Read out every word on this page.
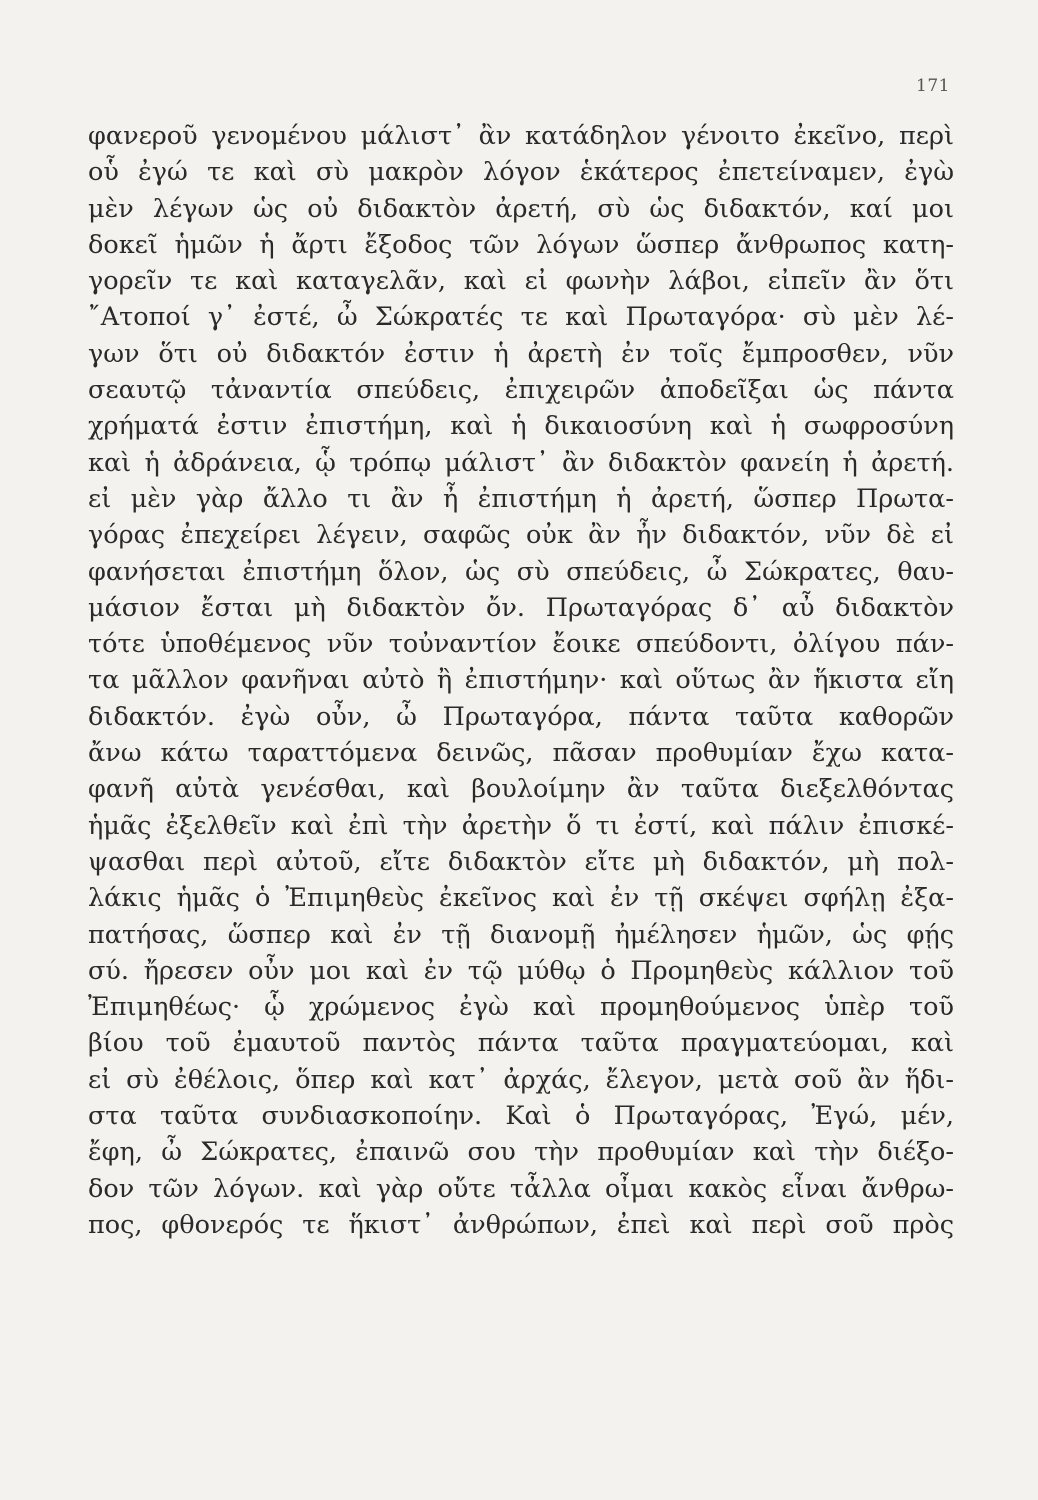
171
φανεροῦ γενομένου μάλιστ᾽ ἂν κατάδηλον γένοιτο ἐκεῖνο, περὶ
οὗ ἐγώ τε καὶ σὺ μακρὸν λόγον ἑκάτερος ἐπετείναμεν, ἐγὼ
μὲν λέγων ὡς οὐ διδακτὸν ἀρετή, σὺ ὡς διδακτόν, καί μοι
δοκεῖ ἡμῶν ἡ ἄρτι ἔξοδος τῶν λόγων ὥσπερ ἄνθρωπος κατη-
γορεῖν τε καὶ καταγελᾶν, καὶ εἰ φωνὴν λάβοι, εἰπεῖν ἂν ὅτι
῎Ατοποί γ᾽ ἐστέ, ὦ Σώκρατές τε καὶ Πρωταγόρα· σὺ μὲν λέ-
γων ὅτι οὐ διδακτόν ἐστιν ἡ ἀρετὴ ἐν τοῖς ἔμπροσθεν, νῦν
σεαυτῷ τἀναντία σπεύδεις, ἐπιχειρῶν ἀποδεῖξαι ὡς πάντα
χρήματά ἐστιν ἐπιστήμη, καὶ ἡ δικαιοσύνη καὶ ἡ σωφροσύνη
καὶ ἡ ἀδράνεια, ᾧ τρόπῳ μάλιστ᾽ ἂν διδακτὸν φανείη ἡ ἀρετή.
εἰ μὲν γὰρ ἄλλο τι ἂν ἦ ἐπιστήμη ἡ ἀρετή, ὥσπερ Πρωτα-
γόρας ἐπεχείρει λέγειν, σαφῶς οὐκ ἂν ἦν διδακτόν, νῦν δὲ εἰ
φανήσεται ἐπιστήμη ὅλον, ὡς σὺ σπεύδεις, ὦ Σώκρατες, θαυ-
μάσιον ἔσται μὴ διδακτὸν ὄν. Πρωταγόρας δ᾽ αὖ διδακτὸν
τότε ὑποθέμενος νῦν τοὐναντίον ἔοικε σπεύδοντι, ὀλίγου πάν-
τα μᾶλλον φανῆναι αὐτὸ ἢ ἐπιστήμην· καὶ οὕτως ἂν ἥκιστα εἴη
διδακτόν. ἐγὼ οὖν, ὦ Πρωταγόρα, πάντα ταῦτα καθορῶν
ἄνω κάτω ταραττόμενα δεινῶς, πᾶσαν προθυμίαν ἔχω κατα-
φανῆ αὐτὰ γενέσθαι, καὶ βουλοίμην ἂν ταῦτα διεξελθόντας
ἡμᾶς ἐξελθεῖν καὶ ἐπὶ τὴν ἀρετὴν ὅ τι ἐστί, καὶ πάλιν ἐπισκέ-
ψασθαι περὶ αὐτοῦ, εἴτε διδακτὸν εἴτε μὴ διδακτόν, μὴ πολ-
λάκις ἡμᾶς ὁ Ἐπιμηθεὺς ἐκεῖνος καὶ ἐν τῇ σκέψει σφήλῃ ἐξα-
πατήσας, ὥσπερ καὶ ἐν τῇ διανομῇ ἠμέλησεν ἡμῶν, ὡς φῄς
σύ. ἤρεσεν οὖν μοι καὶ ἐν τῷ μύθῳ ὁ Προμηθεὺς κάλλιον τοῦ
Ἐπιμηθέως· ᾧ χρώμενος ἐγὼ καὶ προμηθούμενος ὑπὲρ τοῦ
βίου τοῦ ἐμαυτοῦ παντὸς πάντα ταῦτα πραγματεύομαι, καὶ
εἰ σὺ ἐθέλοις, ὅπερ καὶ κατ᾽ ἀρχάς, ἔλεγον, μετὰ σοῦ ἂν ἥδι-
στα ταῦτα συνδιασκοποίην. Καὶ ὁ Πρωταγόρας, Ἐγώ, μέν,
ἔφη, ὦ Σώκρατες, ἐπαινῶ σου τὴν προθυμίαν καὶ τὴν διέξο-
δον τῶν λόγων. καὶ γὰρ οὔτε τἆλλα οἶμαι κακὸς εἶναι ἄνθρω-
πος, φθονερός τε ἥκιστ᾽ ἀνθρώπων, ἐπεὶ καὶ περὶ σοῦ πρὸς
